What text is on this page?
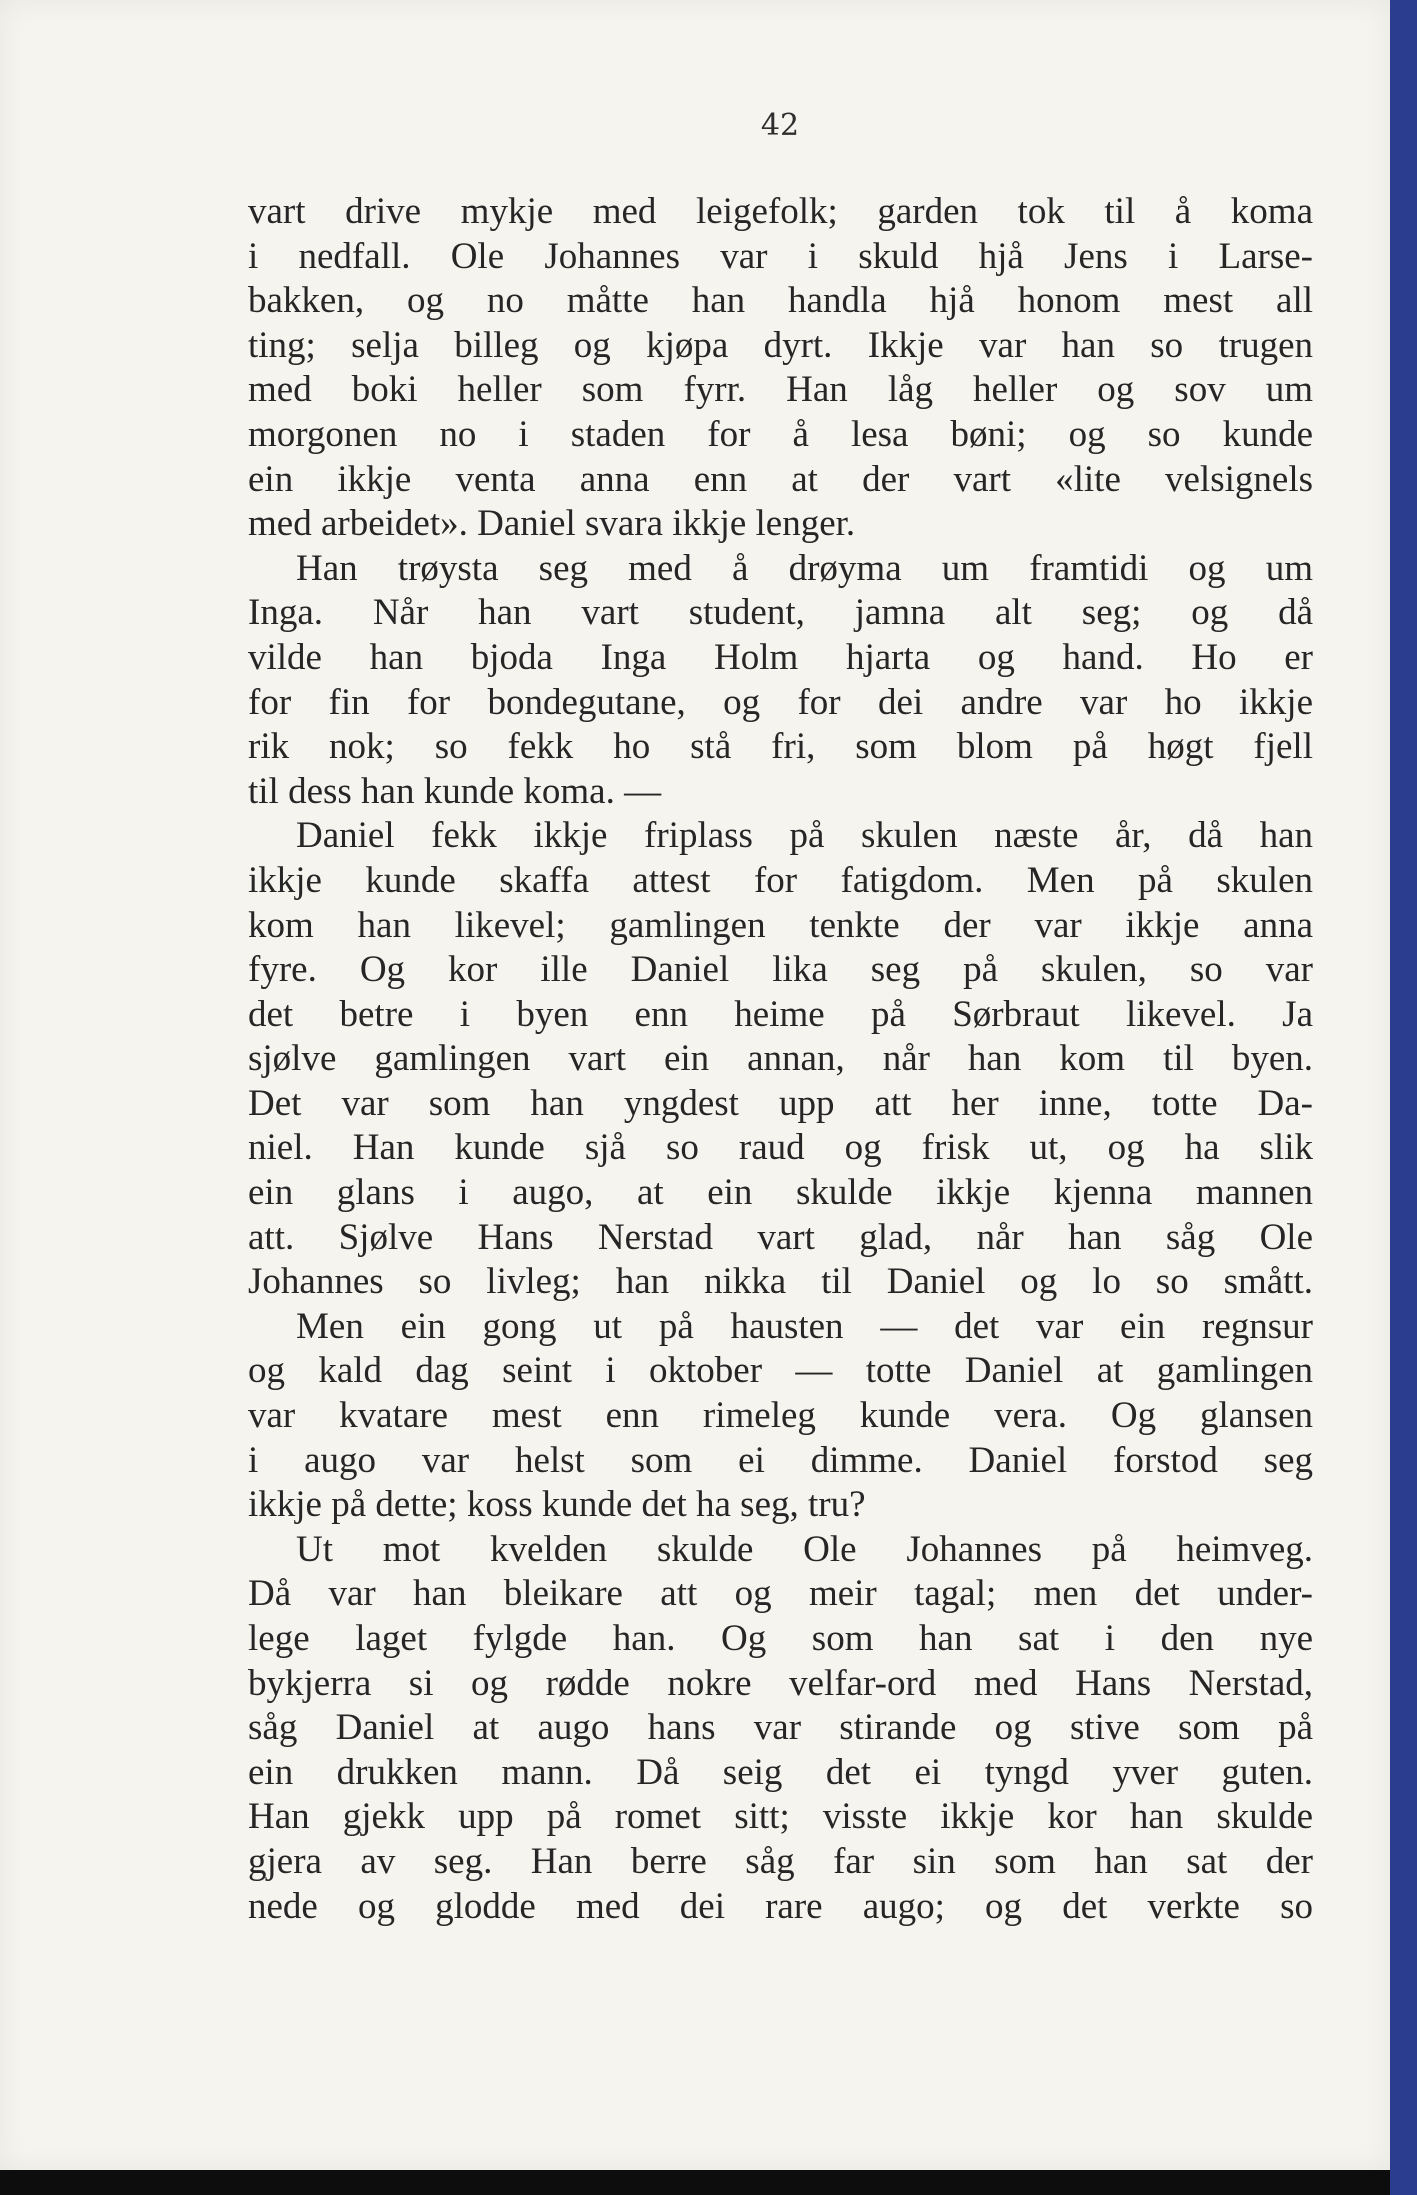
42
vart drive mykje med leigefolk; garden tok til å koma
i nedfall. Ole Johannes var i skuld hjå Jens i Larse-
bakken, og no måtte han handla hjå honom mest all
ting; selja billeg og kjøpa dyrt. Ikkje var han so trugen
med boki heller som fyrr. Han låg heller og sov um
morgonen no i staden for å lesa bøni; og so kunde
ein ikkje venta anna enn at der vart «lite velsignels
med arbeidet». Daniel svara ikkje lenger.
Han trøysta seg med å drøyma um framtidi og um
Inga. Når han vart student, jamna alt seg; og då
vilde han bjoda Inga Holm hjarta og hand. Ho er
for fin for bondegutane, og for dei andre var ho ikkje
rik nok; so fekk ho stå fri, som blom på høgt fjell
til dess han kunde koma. —
Daniel fekk ikkje friplass på skulen næste år, då han
ikkje kunde skaffa attest for fatigdom. Men på skulen
kom han likevel; gamlingen tenkte der var ikkje anna
fyre. Og kor ille Daniel lika seg på skulen, so var
det betre i byen enn heime på Sørbraut likevel. Ja
sjølve gamlingen vart ein annan, når han kom til byen.
Det var som han yngdest upp att her inne, totte Da-
niel. Han kunde sjå so raud og frisk ut, og ha slik
ein glans i augo, at ein skulde ikkje kjenna mannen
att. Sjølve Hans Nerstad vart glad, når han såg Ole
Johannes so livleg; han nikka til Daniel og lo so smått.
Men ein gong ut på hausten — det var ein regnsur
og kald dag seint i oktober — totte Daniel at gamlingen
var kvatare mest enn rimeleg kunde vera. Og glansen
i augo var helst som ei dimme. Daniel forstod seg
ikkje på dette; koss kunde det ha seg, tru?
Ut mot kvelden skulde Ole Johannes på heimveg.
Då var han bleikare att og meir tagal; men det under-
lege laget fylgde han. Og som han sat i den nye
bykjerra si og rødde nokre velfar-ord med Hans Nerstad,
såg Daniel at augo hans var stirande og stive som på
ein drukken mann. Då seig det ei tyngd yver guten.
Han gjekk upp på romet sitt; visste ikkje kor han skulde
gjera av seg. Han berre såg far sin som han sat der
nede og glodde med dei rare augo; og det verkte so
